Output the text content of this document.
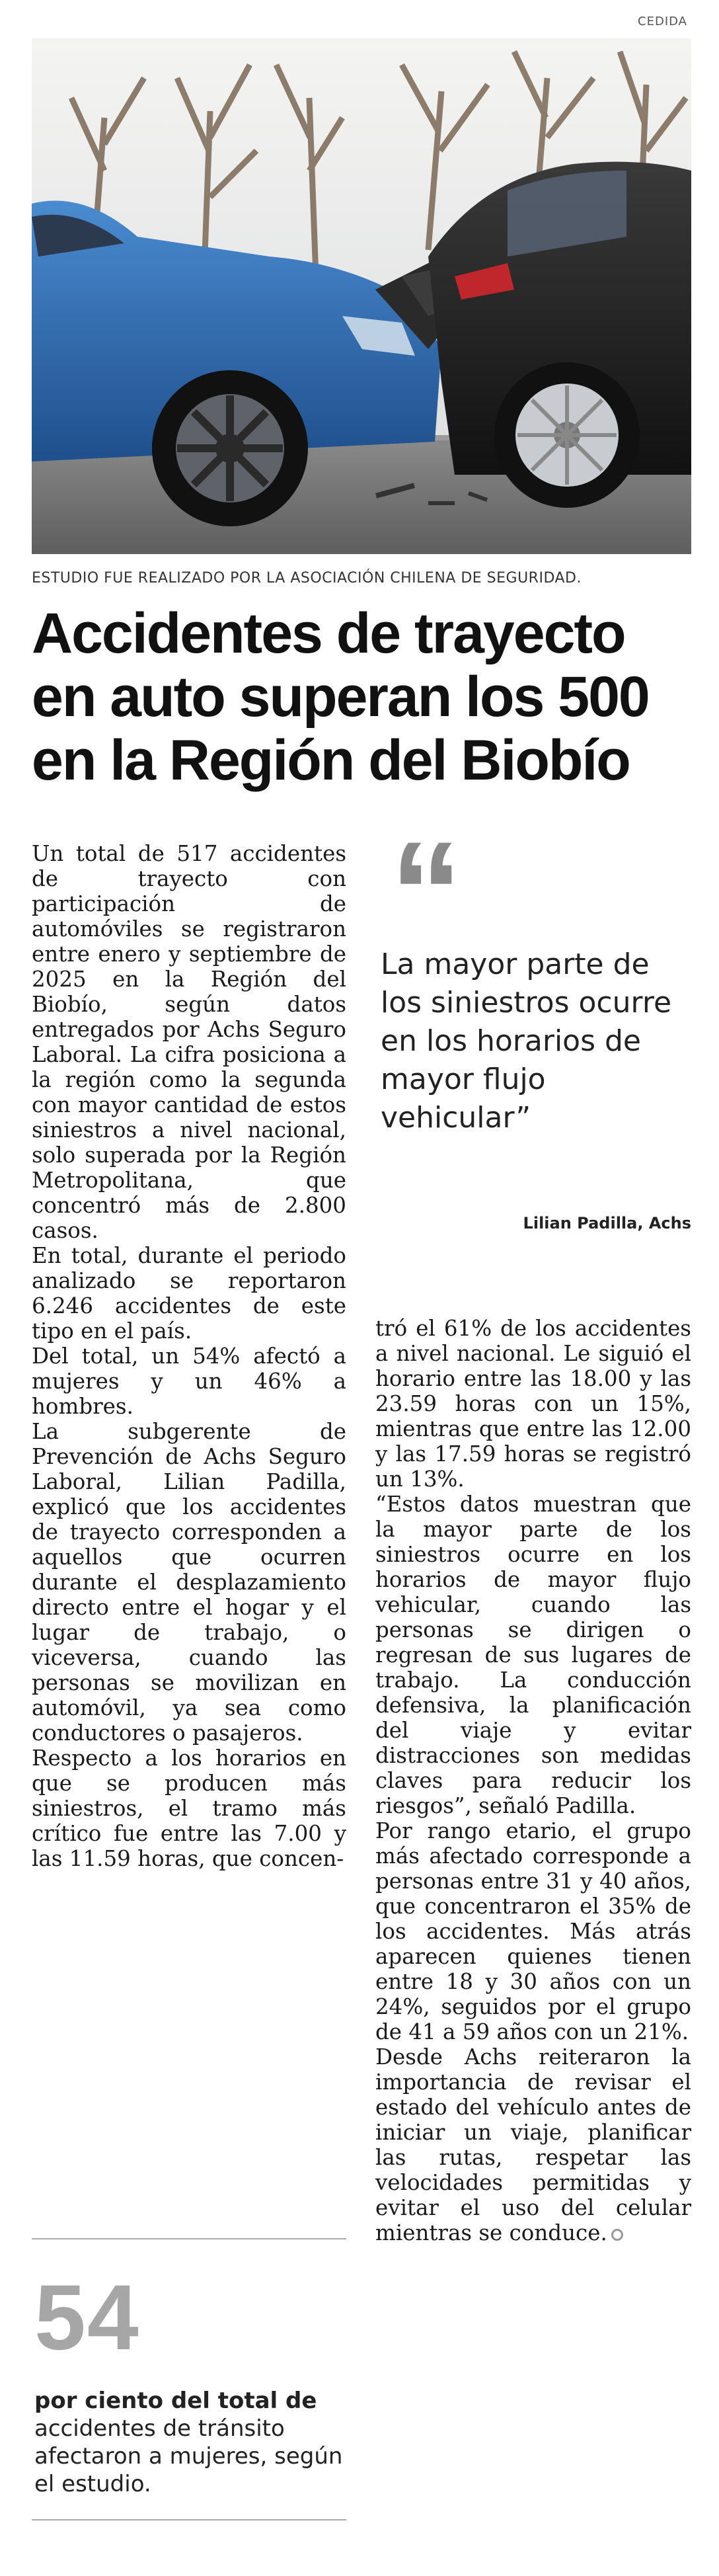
CEDIDA
ESTUDIO FUE REALIZADO POR LA ASOCIACIÓN CHILENA DE SEGURIDAD.
Accidentes de trayecto en auto superan los 500 en la Región del Biobío

Un total de 517 accidentes de trayecto con participación de automóviles se registraron entre enero y septiembre de 2025 en la Región del Biobío, según datos entregados por Achs Seguro Laboral. La cifra posiciona a la región como la segunda con mayor cantidad de estos siniestros a nivel nacional, solo superada por la Región Metropolitana, que concentró más de 2.800 casos.

En total, durante el periodo analizado se reportaron 6.246 accidentes de este tipo en el país.

Del total, un 54% afectó a mujeres y un 46% a hombres.

La subgerente de Prevención de Achs Seguro Laboral, Lilian Padilla, explicó que los accidentes de trayecto corresponden a aquellos que ocurren durante el desplazamiento directo entre el hogar y el lugar de trabajo, o viceversa, cuando las personas se movilizan en automóvil, ya sea como conductores o pasajeros.

Respecto a los horarios en que se producen más siniestros, el tramo más crítico fue entre las 7.00 y las 11.59 horas, que concen-

“
La mayor parte de los siniestros ocurre en los horarios de mayor flujo vehicular”
Lilian Padilla, Achs

tró el 61% de los accidentes a nivel nacional. Le siguió el horario entre las 18.00 y las 23.59 horas con un 15%, mientras que entre las 12.00 y las 17.59 horas se registró un 13%.

“Estos datos muestran que la mayor parte de los siniestros ocurre en los horarios de mayor flujo vehicular, cuando las personas se dirigen o regresan de sus lugares de trabajo. La conducción defensiva, la planificación del viaje y evitar distracciones son medidas claves para reducir los riesgos”, señaló Padilla.

Por rango etario, el grupo más afectado corresponde a personas entre 31 y 40 años, que concentraron el 35% de los accidentes. Más atrás aparecen quienes tienen entre 18 y 30 años con un 24%, seguidos por el grupo de 41 a 59 años con un 21%.

Desde Achs reiteraron la importancia de revisar el estado del vehículo antes de iniciar un viaje, planificar las rutas, respetar las velocidades permitidas y evitar el uso del celular mientras se conduce.

54
por ciento del total de
accidentes de tránsito afectaron a mujeres, según el estudio.
